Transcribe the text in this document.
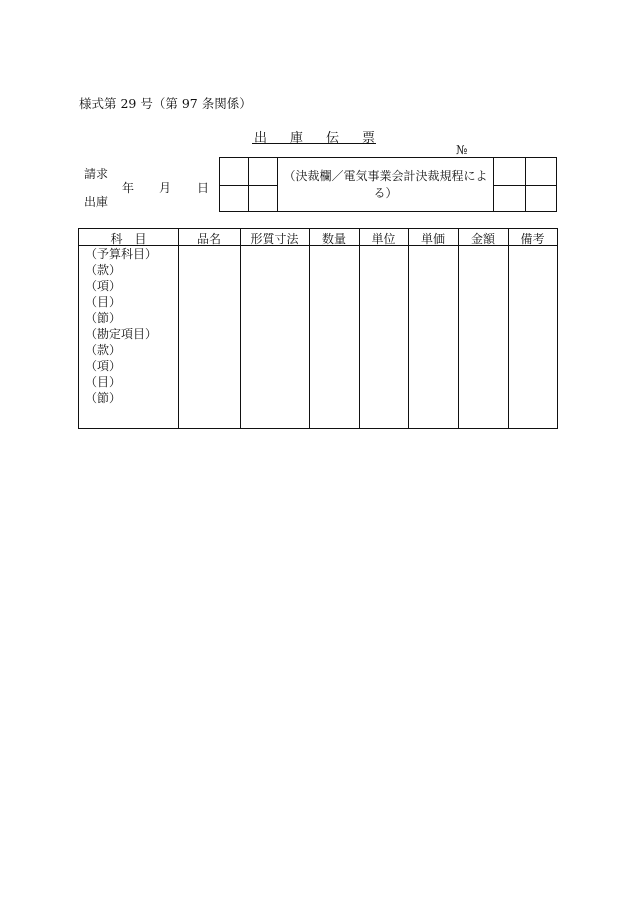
様式第 29 号（第 97 条関係）
出 庫 伝 票
№
請求
出庫
年 月 日
（決裁欄／電気事業会計決裁規程による）
科　目	品名	形質寸法	数量	単位	単価	金額	備考
（予算科目）
（款）
（項）
（目）
（節）
（勘定項目）
（款）
（項）
（目）
（節）
